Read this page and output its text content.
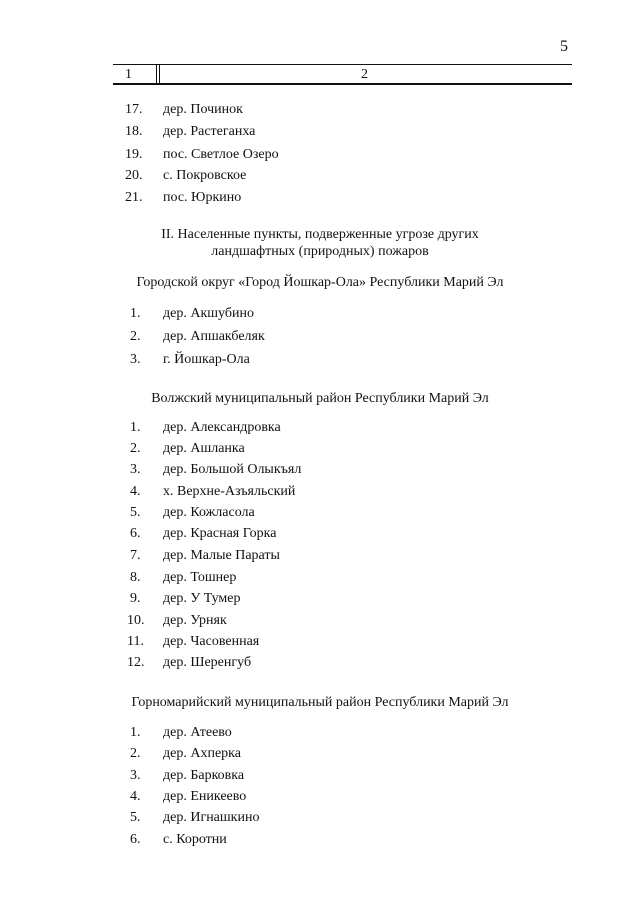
5
1	2
17. дер. Починок
18. дер. Растеганха
19. пос. Светлое Озеро
20. с. Покровское
21. пос. Юркино
II. Населенные пункты, подверженные угрозе других
ландшафтных (природных) пожаров
Городской округ «Город Йошкар-Ола» Республики Марий Эл
1. дер. Акшубино
2. дер. Апшакбеляк
3. г. Йошкар-Ола
Волжский муниципальный район Республики Марий Эл
1. дер. Александровка
2. дер. Ашланка
3. дер. Большой Олыкъял
4. х. Верхне-Азъяльский
5. дер. Кожласола
6. дер. Красная Горка
7. дер. Малые Параты
8. дер. Тошнер
9. дер. У Тумер
10. дер. Урняк
11. дер. Часовенная
12. дер. Шеренгуб
Горномарийский муниципальный район Республики Марий Эл
1. дер. Атеево
2. дер. Ахперка
3. дер. Барковка
4. дер. Еникеево
5. дер. Игнашкино
6. с. Коротни
